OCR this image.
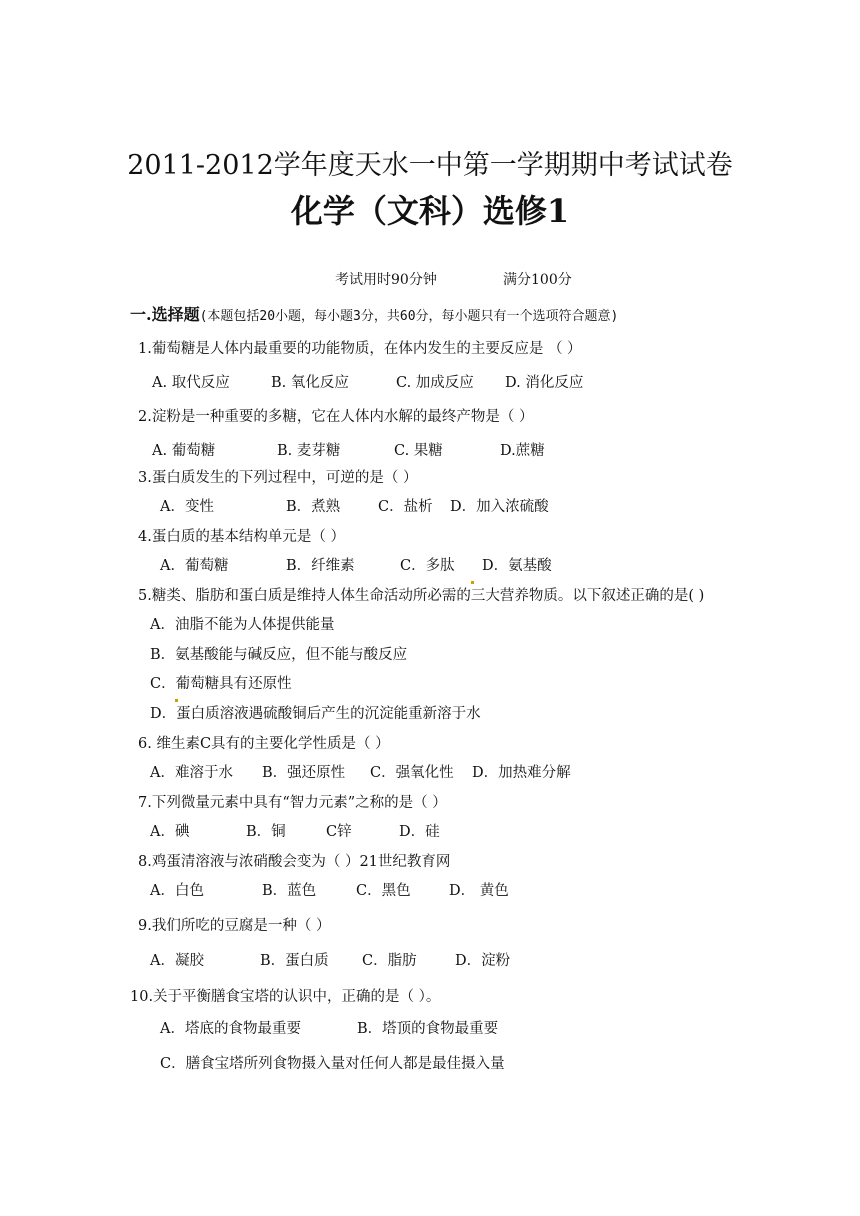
2011-2012学年度天水一中第一学期期中考试试卷
化学（文科）选修1
考试用时90分钟	满分100分
一.选择题(本题包括20小题，每小题3分，共60分，每小题只有一个选项符合题意)
1.葡萄糖是人体内最重要的功能物质，在体内发生的主要反应是 （ ）
A. 取代反应	B. 氧化反应	C. 加成反应 D. 消化反应
2.淀粉是一种重要的多糖，它在人体内水解的最终产物是（ ）
A. 葡萄糖	B. 麦芽糖	C. 果糖	D.蔗糖
3.蛋白质发生的下列过程中，可逆的是（ ）
A．变性	B．煮熟	C．盐析 D．加入浓硫酸
4.蛋白质的基本结构单元是（ ）
A．葡萄糖	B．纤维素	C．多肽 D．氨基酸
5.糖类、脂肪和蛋白质是维持人体生命活动所必需的三大营养物质。以下叙述正确的是( )
A．油脂不能为人体提供能量
B．氨基酸能与碱反应，但不能与酸反应
C．葡萄糖具有还原性
D．蛋白质溶液遇硫酸铜后产生的沉淀能重新溶于水
6. 维生素C具有的主要化学性质是（ ）
A．难溶于水 B．强还原性 C．强氧化性 D．加热难分解
7.下列微量元素中具有“智力元素”之称的是（ ）
A．碘	B．铜	C锌	D．硅
8.鸡蛋清溶液与浓硝酸会变为（ ）21世纪教育网
A．白色	B．蓝色	C．黑色	D． 黄色
9.我们所吃的豆腐是一种（ ）
A．凝胶	B．蛋白质 C．脂肪	D．淀粉
10.关于平衡膳食宝塔的认识中，正确的是（ ）。
A．塔底的食物最重要	B．塔顶的食物最重要
C．膳食宝塔所列食物摄入量对任何人都是最佳摄入量
